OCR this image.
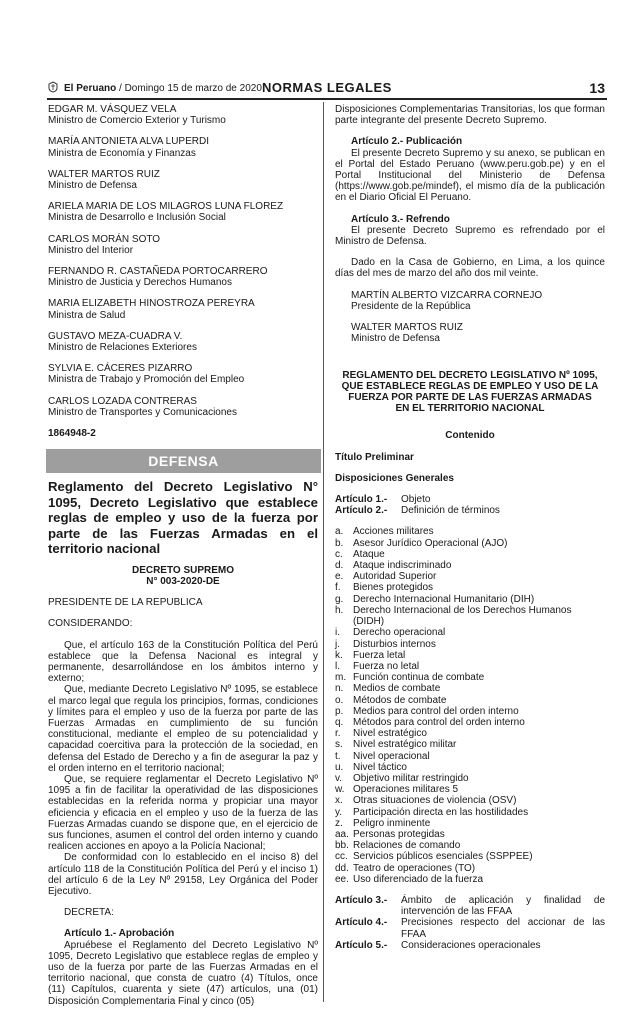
El Peruano / Domingo 15 de marzo de 2020 NORMAS LEGALES	13
EDGAR M. VÁSQUEZ VELA
Ministro de Comercio Exterior y Turismo
MARÍA ANTONIETA ALVA LUPERDI
Ministra de Economía y Finanzas
WALTER MARTOS RUIZ
Ministro de Defensa
ARIELA MARIA DE LOS MILAGROS LUNA FLOREZ
Ministra de Desarrollo e Inclusión Social
CARLOS MORÁN SOTO
Ministro del Interior
FERNANDO R. CASTAÑEDA PORTOCARRERO
Ministro de Justicia y Derechos Humanos
MARIA ELIZABETH HINOSTROZA PEREYRA
Ministra de Salud
GUSTAVO MEZA-CUADRA V.
Ministro de Relaciones Exteriores
SYLVIA E. CÁCERES PIZARRO
Ministra de Trabajo y Promoción del Empleo
CARLOS LOZADA CONTRERAS
Ministro de Transportes y Comunicaciones
1864948-2
DEFENSA
Reglamento del Decreto Legislativo N° 1095, Decreto Legislativo que establece reglas de empleo y uso de la fuerza por parte de las Fuerzas Armadas en el territorio nacional
DECRETO SUPREMO
N° 003-2020-DE

PRESIDENTE DE LA REPUBLICA

CONSIDERANDO:

Que, el artículo 163 de la Constitución Política del Perú establece que la Defensa Nacional es integral y permanente, desarrollándose en los ámbitos interno y externo;

Que, mediante Decreto Legislativo Nº 1095, se establece el marco legal que regula los principios, formas, condiciones y límites para el empleo y uso de la fuerza por parte de las Fuerzas Armadas en cumplimiento de su función constitucional, mediante el empleo de su potencialidad y capacidad coercitiva para la protección de la sociedad, en defensa del Estado de Derecho y a fin de asegurar la paz y el orden interno en el territorio nacional;

Que, se requiere reglamentar el Decreto Legislativo Nº 1095 a fin de facilitar la operatividad de las disposiciones establecidas en la referida norma y propiciar una mayor eficiencia y eficacia en el empleo y uso de la fuerza de las Fuerzas Armadas cuando se dispone que, en el ejercicio de sus funciones, asumen el control del orden interno y cuando realicen acciones en apoyo a la Policía Nacional;

De conformidad con lo establecido en el inciso 8) del artículo 118 de la Constitución Política del Perú y el inciso 1) del artículo 6 de la Ley Nº 29158, Ley Orgánica del Poder Ejecutivo.

DECRETA:

Artículo 1.- Aprobación

Apruébese el Reglamento del Decreto Legislativo Nº 1095, Decreto Legislativo que establece reglas de empleo y uso de la fuerza por parte de las Fuerzas Armadas en el territorio nacional, que consta de cuatro (4) Títulos, once (11) Capítulos, cuarenta y siete (47) artículos, una (01) Disposición Complementaria Final y cinco (05)

Disposiciones Complementarias Transitorias, los que forman parte integrante del presente Decreto Supremo.

Artículo 2.- Publicación

El presente Decreto Supremo y su anexo, se publican en el Portal del Estado Peruano (www.peru.gob.pe) y en el Portal Institucional del Ministerio de Defensa (https://www.gob.pe/mindef), el mismo día de la publicación en el Diario Oficial El Peruano.

Artículo 3.- Refrendo

El presente Decreto Supremo es refrendado por el Ministro de Defensa.

Dado en la Casa de Gobierno, en Lima, a los quince días del mes de marzo del año dos mil veinte.

MARTÍN ALBERTO VIZCARRA CORNEJO
Presidente de la República
WALTER MARTOS RUIZ
Ministro de Defensa
REGLAMENTO DEL DECRETO LEGISLATIVO Nº 1095, QUE ESTABLECE REGLAS DE EMPLEO Y USO DE LA FUERZA POR PARTE DE LAS FUERZAS ARMADAS EN EL TERRITORIO NACIONAL
Contenido
Título Preliminar
Disposiciones Generales
Artículo 1.-	Objeto
Artículo 2.-	Definición de términos
a. Acciones militares
b. Asesor Jurídico Operacional (AJO)
c.	Ataque
d. Ataque indiscriminado
e. Autoridad Superior
f.	Bienes protegidos
g. Derecho Internacional Humanitario (DIH)
h. Derecho Internacional de los Derechos Humanos (DIDH)
i.	Derecho operacional
j.	Disturbios internos
k.	Fuerza letal
l.	Fuerza no letal
m. Función continua de combate
n. Medios de combate
o. Métodos de combate
p. Medios para control del orden interno
q. Métodos para control del orden interno
r.	Nivel estratégico
s.	Nivel estratégico militar
t.	Nivel operacional
u. Nivel táctico
v.	Objetivo militar restringido
w. Operaciones militares 5
x.	Otras situaciones de violencia (OSV)
y.	Participación directa en las hostilidades
z.	Peligro inminente
aa. Personas protegidas
bb. Relaciones de comando
cc. Servicios públicos esenciales (SSPPEE)
dd. Teatro de operaciones (TO)
ee. Uso diferenciado de la fuerza
Artículo 3.-	Ámbito de aplicación y finalidad de intervención de las FFAA
Artículo 4.-	Precisiones respecto del accionar de las FFAA
Artículo 5.-	Consideraciones operacionales
